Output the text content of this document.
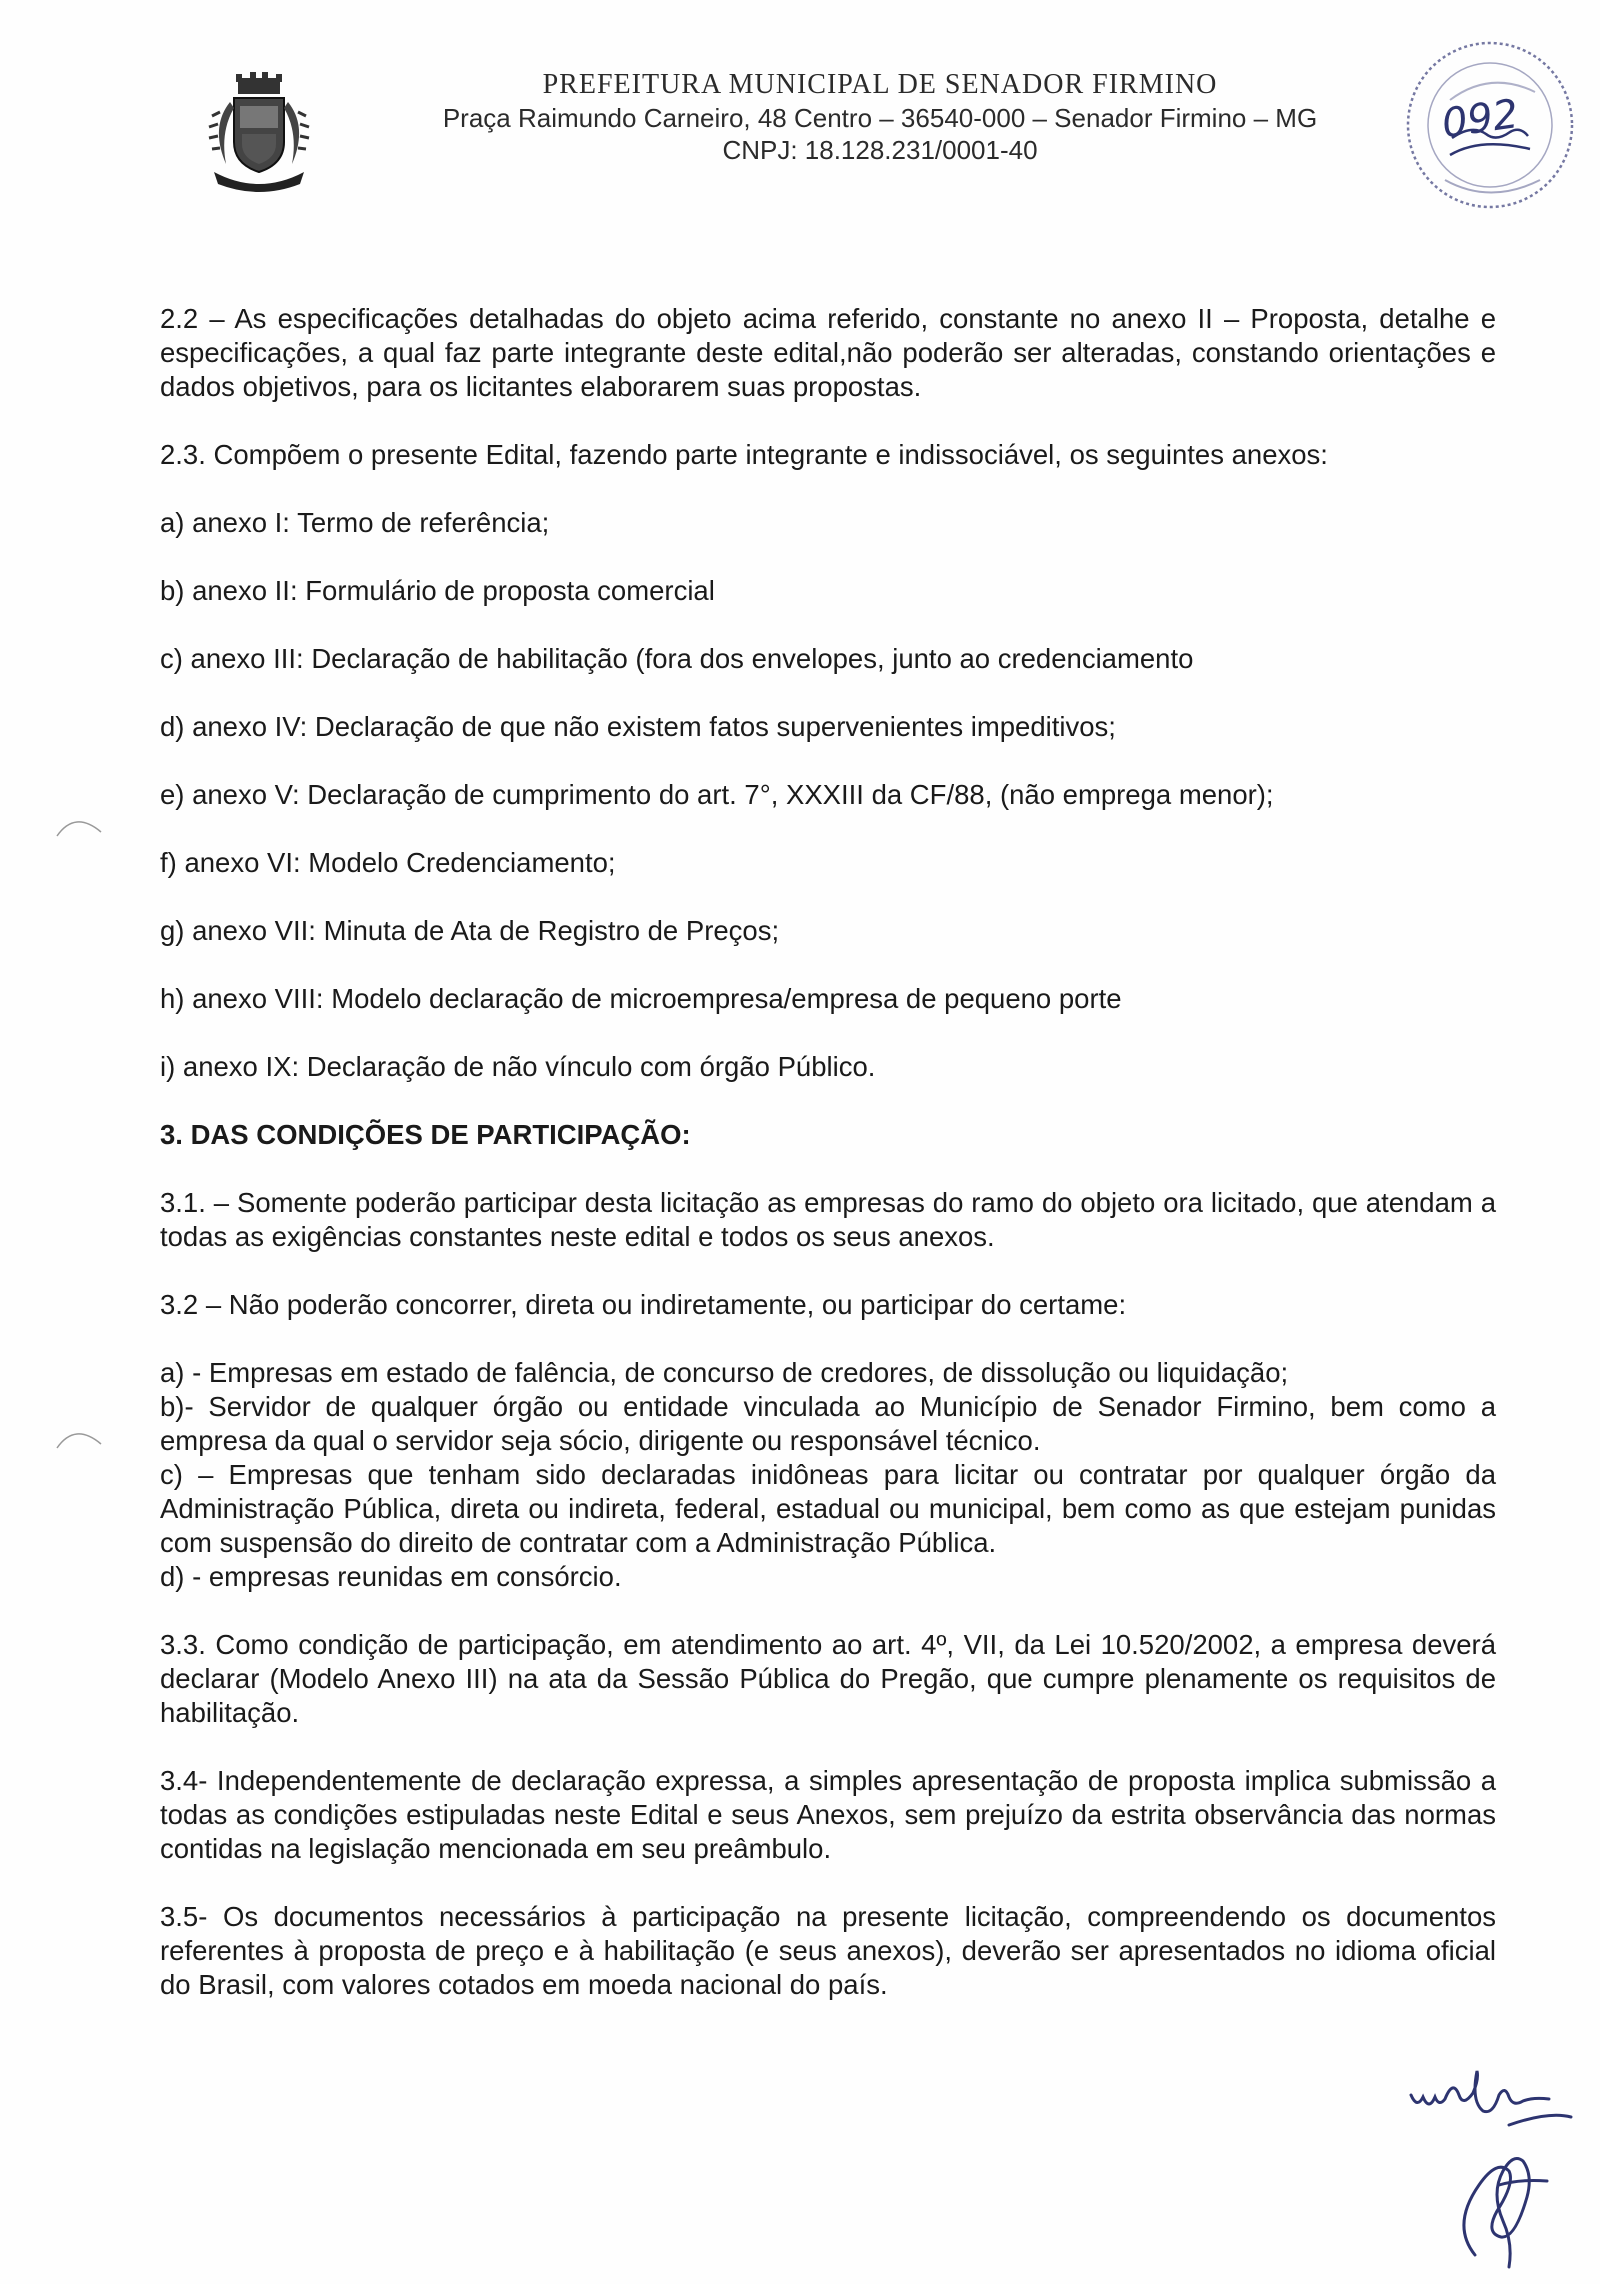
PREFEITURA MUNICIPAL DE SENADOR FIRMINO
Praça Raimundo Carneiro, 48 Centro – 36540-000 – Senador Firmino – MG
CNPJ: 18.128.231/0001-40
092

2.2 – As especificações detalhadas do objeto acima referido, constante no anexo II – Proposta, detalhe e especificações, a qual faz parte integrante deste edital,não poderão ser alteradas, constando orientações e dados objetivos, para os licitantes elaborarem suas propostas.

2.3. Compõem o presente Edital, fazendo parte integrante e indissociável, os seguintes anexos:

a) anexo I: Termo de referência;

b) anexo II: Formulário de proposta comercial

c) anexo III: Declaração de habilitação (fora dos envelopes, junto ao credenciamento

d) anexo IV: Declaração de que não existem fatos supervenientes impeditivos;

e) anexo V: Declaração de cumprimento do art. 7°, XXXIII da CF/88, (não emprega menor);

f) anexo VI: Modelo Credenciamento;

g) anexo VII: Minuta de Ata de Registro de Preços;

h) anexo VIII: Modelo declaração de microempresa/empresa de pequeno porte

i) anexo IX: Declaração de não vínculo com órgão Público.

3. DAS CONDIÇÕES DE PARTICIPAÇÃO:

3.1. – Somente poderão participar desta licitação as empresas do ramo do objeto ora licitado, que atendam a todas as exigências constantes neste edital e todos os seus anexos.

3.2 – Não poderão concorrer, direta ou indiretamente, ou participar do certame:

a) - Empresas em estado de falência, de concurso de credores, de dissolução ou liquidação;

b)- Servidor de qualquer órgão ou entidade vinculada ao Município de Senador Firmino, bem como a empresa da qual o servidor seja sócio, dirigente ou responsável técnico.

c) – Empresas que tenham sido declaradas inidôneas para licitar ou contratar por qualquer órgão da Administração Pública, direta ou indireta, federal, estadual ou municipal, bem como as que estejam punidas com suspensão do direito de contratar com a Administração Pública.

d) - empresas reunidas em consórcio.

3.3. Como condição de participação, em atendimento ao art. 4º, VII, da Lei 10.520/2002, a empresa deverá declarar (Modelo Anexo III) na ata da Sessão Pública do Pregão, que cumpre plenamente os requisitos de habilitação.

3.4- Independentemente de declaração expressa, a simples apresentação de proposta implica submissão a todas as condições estipuladas neste Edital e seus Anexos, sem prejuízo da estrita observância das normas contidas na legislação mencionada em seu preâmbulo.

3.5- Os documentos necessários à participação na presente licitação, compreendendo os documentos referentes à proposta de preço e à habilitação (e seus anexos), deverão ser apresentados no idioma oficial do Brasil, com valores cotados em moeda nacional do país.
